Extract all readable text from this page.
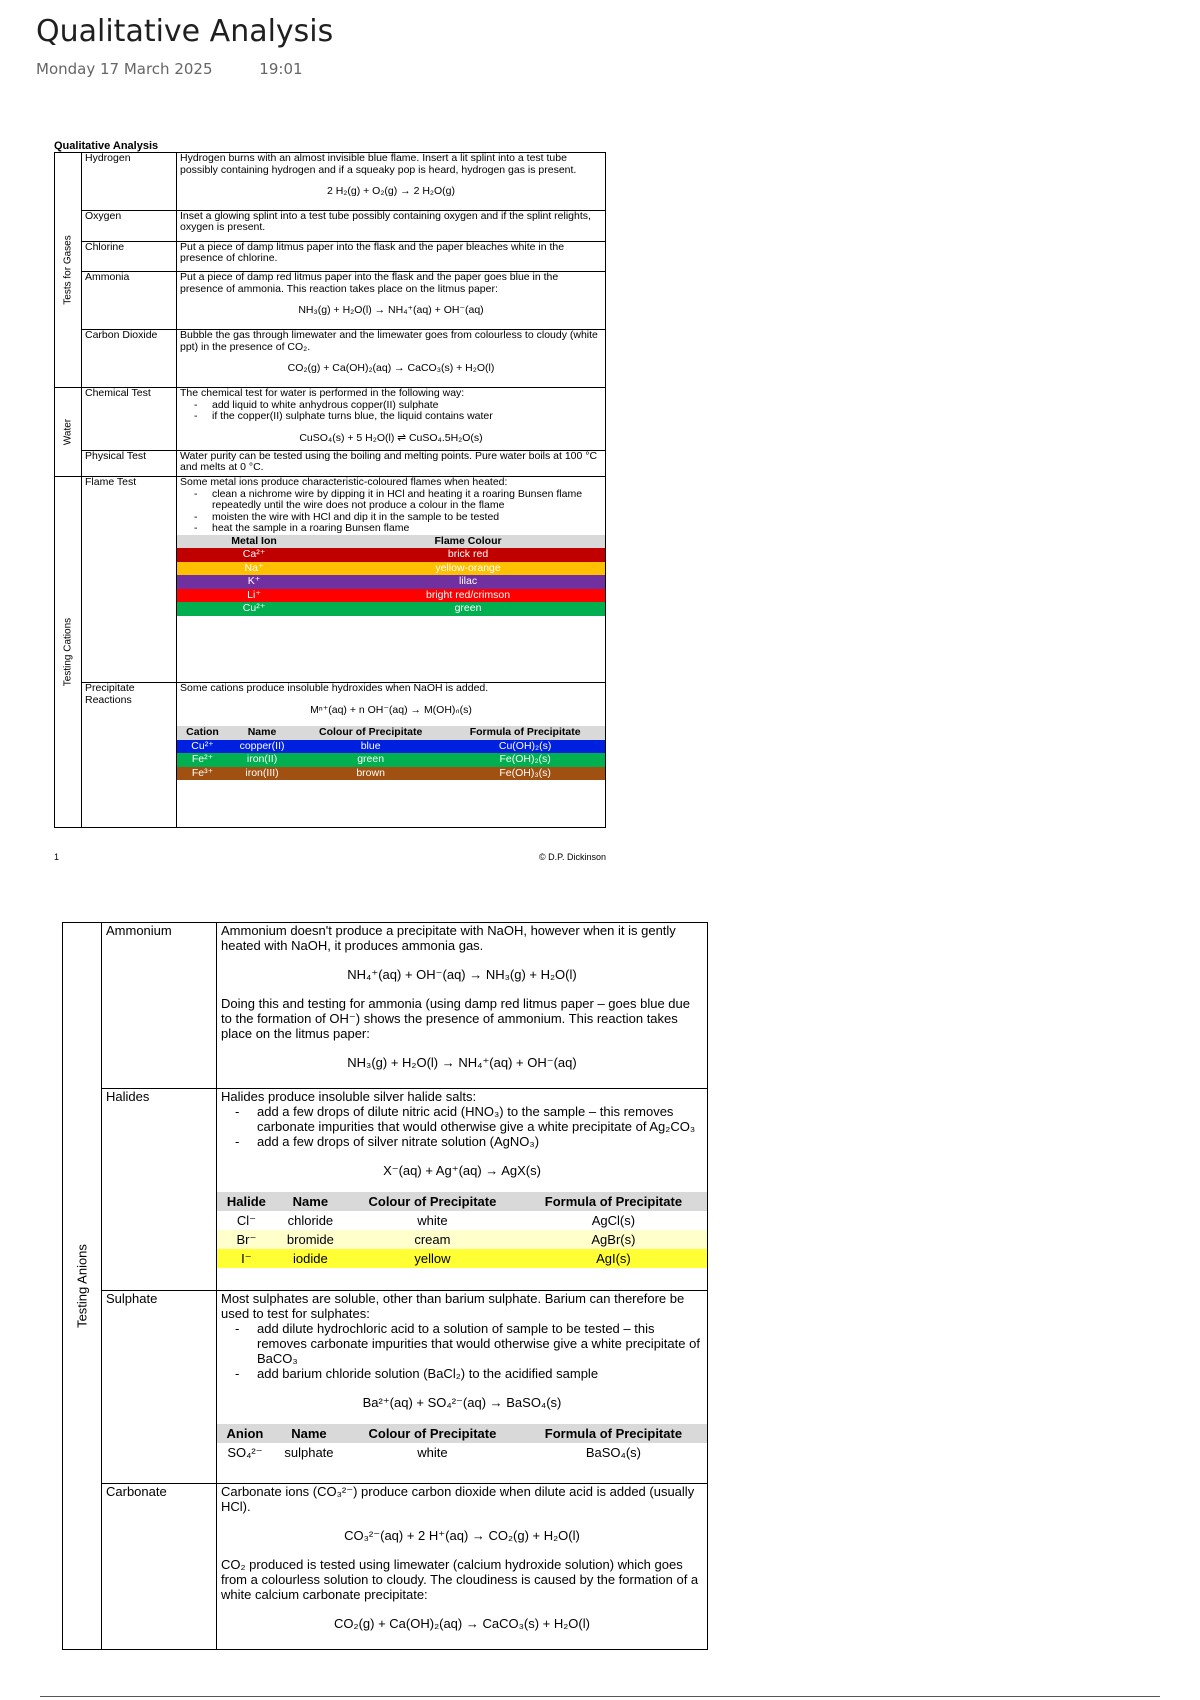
Qualitative Analysis
Monday 17 March 2025	19:01
Qualitative Analysis
Tests for Gases
	Hydrogen	Hydrogen burns with an almost invisible blue flame. Insert a lit splint into a test tube possibly containing hydrogen and if a squeaky pop is heard, hydrogen gas is present.
2 H₂(g) + O₂(g) → 2 H₂O(g)

Oxygen	Inset a glowing splint into a test tube possibly containing oxygen and if the splint relights, oxygen is present.
Chlorine	Put a piece of damp litmus paper into the flask and the paper bleaches white in the presence of chlorine.
Ammonia	Put a piece of damp red litmus paper into the flask and the paper goes blue in the presence of ammonia. This reaction takes place on the litmus paper:
NH₃(g) + H₂O(l) → NH₄⁺(aq) + OH⁻(aq)

Carbon Dioxide	Bubble the gas through limewater and the limewater goes from colourless to cloudy (white ppt) in the presence of CO₂.
CO₂(g) + Ca(OH)₂(aq) → CaCO₃(s) + H₂O(l)

Water
	Chemical Test	The chemical test for water is performed in the following way:
- add liquid to white anhydrous copper(II) sulphate
- if the copper(II) sulphate turns blue, the liquid contains water
CuSO₄(s) + 5 H₂O(l) ⇌ CuSO₄.5H₂O(s)

Physical Test	Water purity can be tested using the boiling and melting points. Pure water boils at 100 °C and melts at 0 °C.

Testing Cations
	Flame Test	Some metal ions produce characteristic-coloured flames when heated:
- clean a nichrome wire by dipping it in HCl and heating it a roaring Bunsen flame repeatedly until the wire does not produce a colour in the flame
- moisten the wire with HCl and dip it in the sample to be tested
- heat the sample in a roaring Bunsen flame
Metal Ion	Flame Colour
Ca²⁺	brick red
Na⁺	yellow-orange
K⁺	lilac
Li⁺	bright red/crimson
Cu²⁺	green

Precipitate Reactions	
Some cations produce insoluble hydroxides when NaOH is added.
Mⁿ⁺(aq) + n OH⁻(aq) → M(OH)ₙ(s)
Cation	Name	Colour of Precipitate	Formula of Precipitate
Cu²⁺	copper(II)	blue	Cu(OH)₂(s)
Fe²⁺	iron(II)	green	Fe(OH)₂(s)
Fe³⁺	iron(III)	brown	Fe(OH)₃(s)
1	© D.P. Dickinson
Testing Anions
	Ammonium	Ammonium doesn't produce a precipitate with NaOH, however when it is gently heated with NaOH, it produces ammonia gas.
NH₄⁺(aq) + OH⁻(aq) → NH₃(g) + H₂O(l)
Doing this and testing for ammonia (using damp red litmus paper – goes blue due to the formation of OH⁻) shows the presence of ammonium. This reaction takes place on the litmus paper:
NH₃(g) + H₂O(l) → NH₄⁺(aq) + OH⁻(aq)

Halides	Halides produce insoluble silver halide salts:
- add a few drops of dilute nitric acid (HNO₃) to the sample – this removes carbonate impurities that would otherwise give a white precipitate of Ag₂CO₃
- add a few drops of silver nitrate solution (AgNO₃)
X⁻(aq) + Ag⁺(aq) → AgX(s)
Halide	Name	Colour of Precipitate	Formula of Precipitate
Cl⁻	chloride	white	AgCl(s)
Br⁻	bromide	cream	AgBr(s)
I⁻	iodide	yellow	AgI(s)

Sulphate	Most sulphates are soluble, other than barium sulphate. Barium can therefore be used to test for sulphates:
- add dilute hydrochloric acid to a solution of sample to be tested – this removes carbonate impurities that would otherwise give a white precipitate of BaCO₃
- add barium chloride solution (BaCl₂) to the acidified sample
Ba²⁺(aq) + SO₄²⁻(aq) → BaSO₄(s)
Anion	Name	Colour of Precipitate	Formula of Precipitate
SO₄²⁻	sulphate	white	BaSO₄(s)

Carbonate	Carbonate ions (CO₃²⁻) produce carbon dioxide when dilute acid is added (usually HCl).
CO₃²⁻(aq) + 2 H⁺(aq) → CO₂(g) + H₂O(l)
CO₂ produced is tested using limewater (calcium hydroxide solution) which goes from a colourless solution to cloudy. The cloudiness is caused by the formation of a white calcium carbonate precipitate:
CO₂(g) + Ca(OH)₂(aq) → CaCO₃(s) + H₂O(l)
